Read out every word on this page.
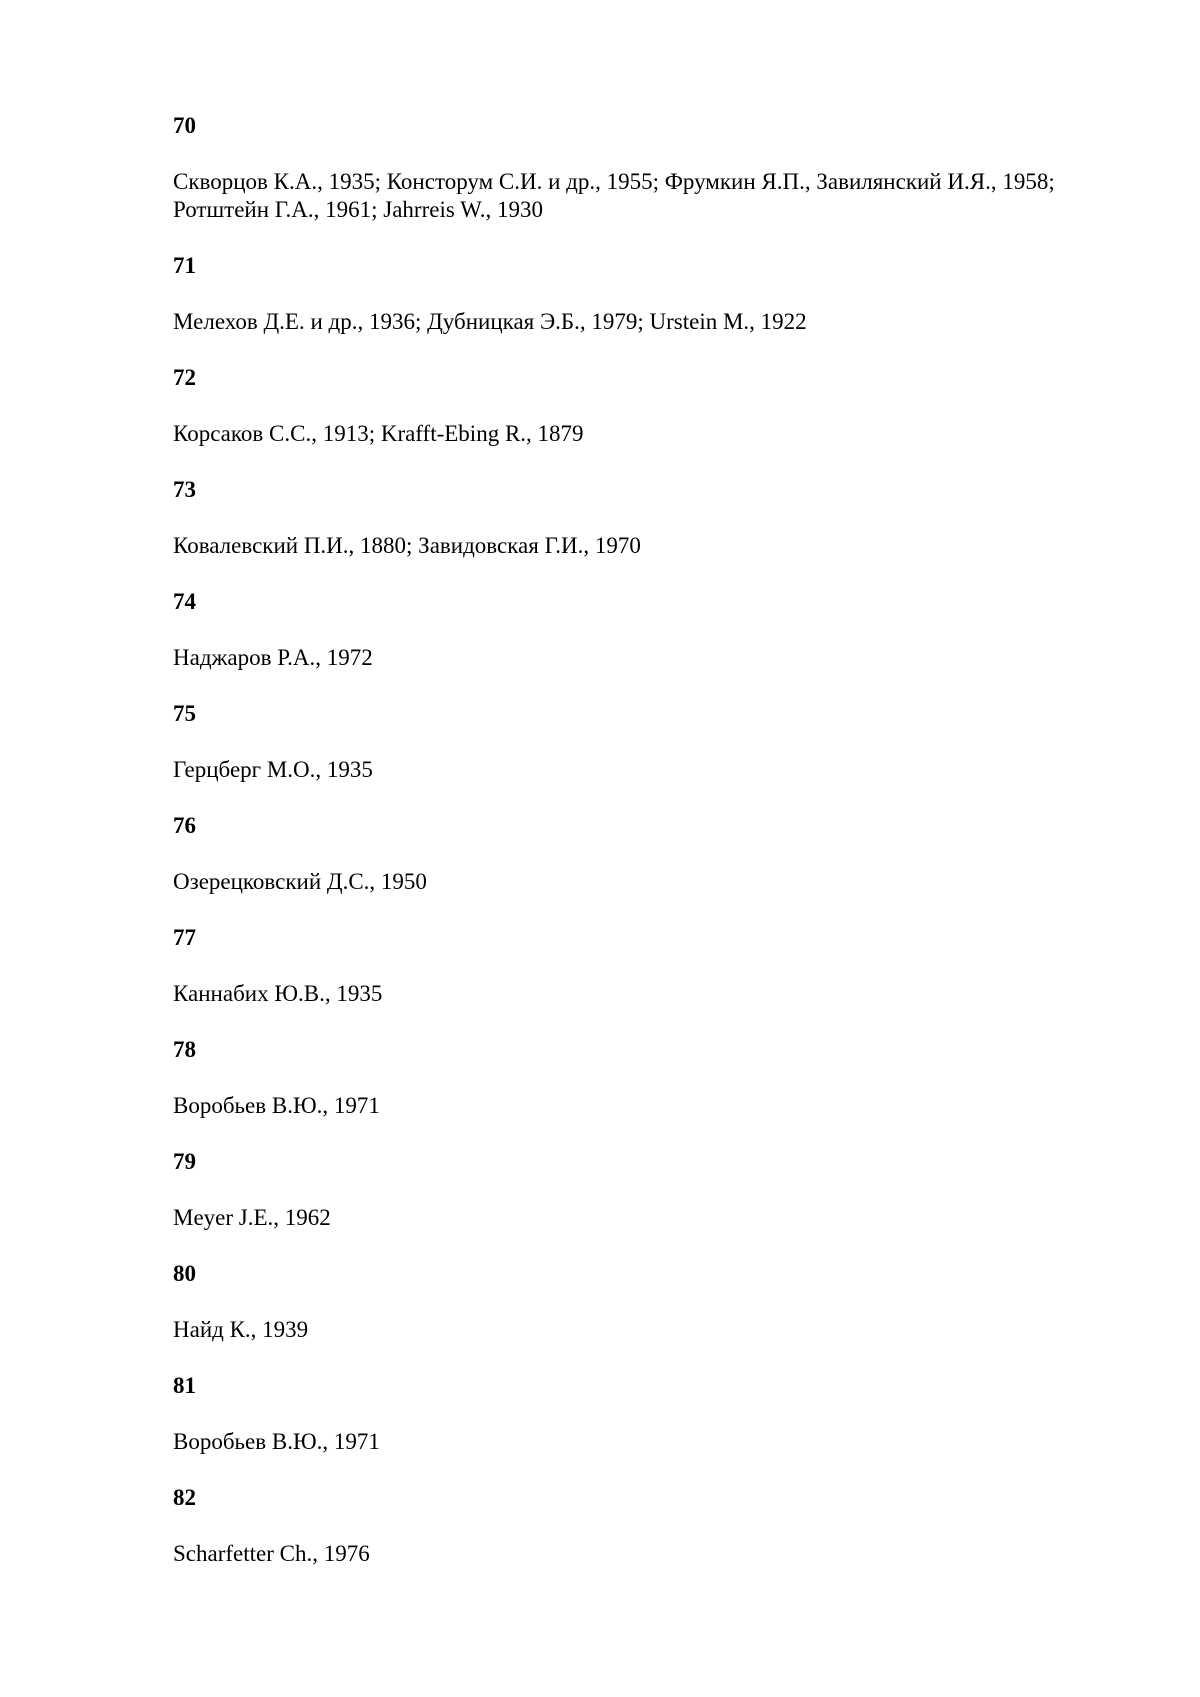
70
Скворцов К.А., 1935; Консторум С.И. и др., 1955; Фрумкин Я.П., Завилянский И.Я., 1958; Ротштейн Г.А., 1961; Jahrreis W., 1930
71
Мелехов Д.Е. и др., 1936; Дубницкая Э.Б., 1979; Urstein M., 1922
72
Корсаков С.С., 1913; Krafft-Ebing R., 1879
73
Ковалевский П.И., 1880; Завидовская Г.И., 1970
74
Наджаров Р.А., 1972
75
Герцберг М.О., 1935
76
Озерецковский Д.С., 1950
77
Каннабих Ю.В., 1935
78
Воробьев В.Ю., 1971
79
Meyer J.E., 1962
80
Найд К., 1939
81
Воробьев В.Ю., 1971
82
Scharfetter Ch., 1976
